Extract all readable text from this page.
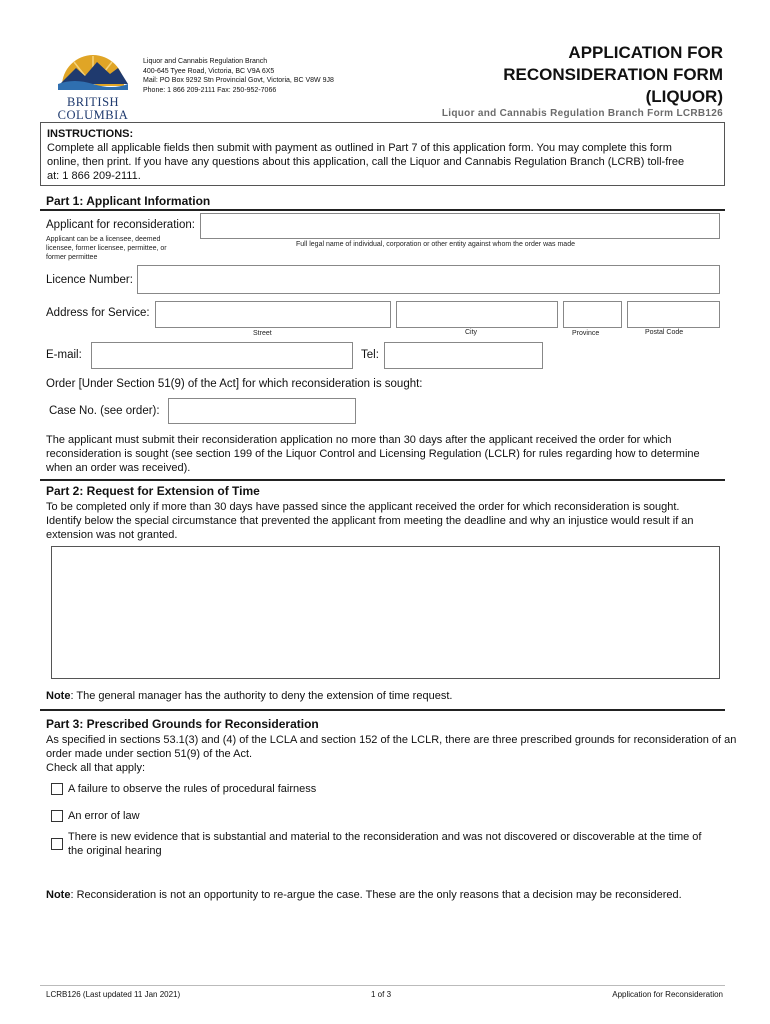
BRITISH
COLUMBIA
Liquor and Cannabis Regulation Branch
400-645 Tyee Road, Victoria, BC V9A 6X5
Mail: PO Box 9292 Stn Provincial Govt, Victoria, BC V8W 9J8
Phone: 1 866 209-2111 Fax: 250-952-7066
APPLICATION FOR
RECONSIDERATION FORM
(LIQUOR)
Liquor and Cannabis Regulation Branch Form LCRB126
INSTRUCTIONS:
Complete all applicable fields then submit with payment as outlined in Part 7 of this application form. You may complete this form
online, then print. If you have any questions about this application, call the Liquor and Cannabis Regulation Branch (LCRB) toll-free
at: 1 866 209-2111.
Part 1: Applicant Information
Applicant for reconsideration:
Applicant can be a licensee, deemed
licensee, former licensee, permittee, or
former permittee
Full legal name of individual, corporation or other entity against whom the order was made
Licence Number:
Address for Service:
Street	City	Province	Postal Code
E-mail:	Tel:
Order [Under Section 51(9) of the Act] for which reconsideration is sought:
Case No. (see order):
The applicant must submit their reconsideration application no more than 30 days after the applicant received the order for which
reconsideration is sought (see section 199 of the Liquor Control and Licensing Regulation (LCLR) for rules regarding how to determine
when an order was received).
Part 2: Request for Extension of Time
To be completed only if more than 30 days have passed since the applicant received the order for which reconsideration is sought.
Identify below the special circumstance that prevented the applicant from meeting the deadline and why an injustice would result if an
extension was not granted.
Note: The general manager has the authority to deny the extension of time request.
Part 3: Prescribed Grounds for Reconsideration
As specified in sections 53.1(3) and (4) of the LCLA and section 152 of the LCLR, there are three prescribed grounds for reconsideration of an
order made under section 51(9) of the Act.
Check all that apply:
A failure to observe the rules of procedural fairness
An error of law
There is new evidence that is substantial and material to the reconsideration and was not discovered or discoverable at the time of
the original hearing
Note: Reconsideration is not an opportunity to re-argue the case. These are the only reasons that a decision may be reconsidered.
LCRB126 (Last updated 11 Jan 2021)	1 of 3	Application for Reconsideration
